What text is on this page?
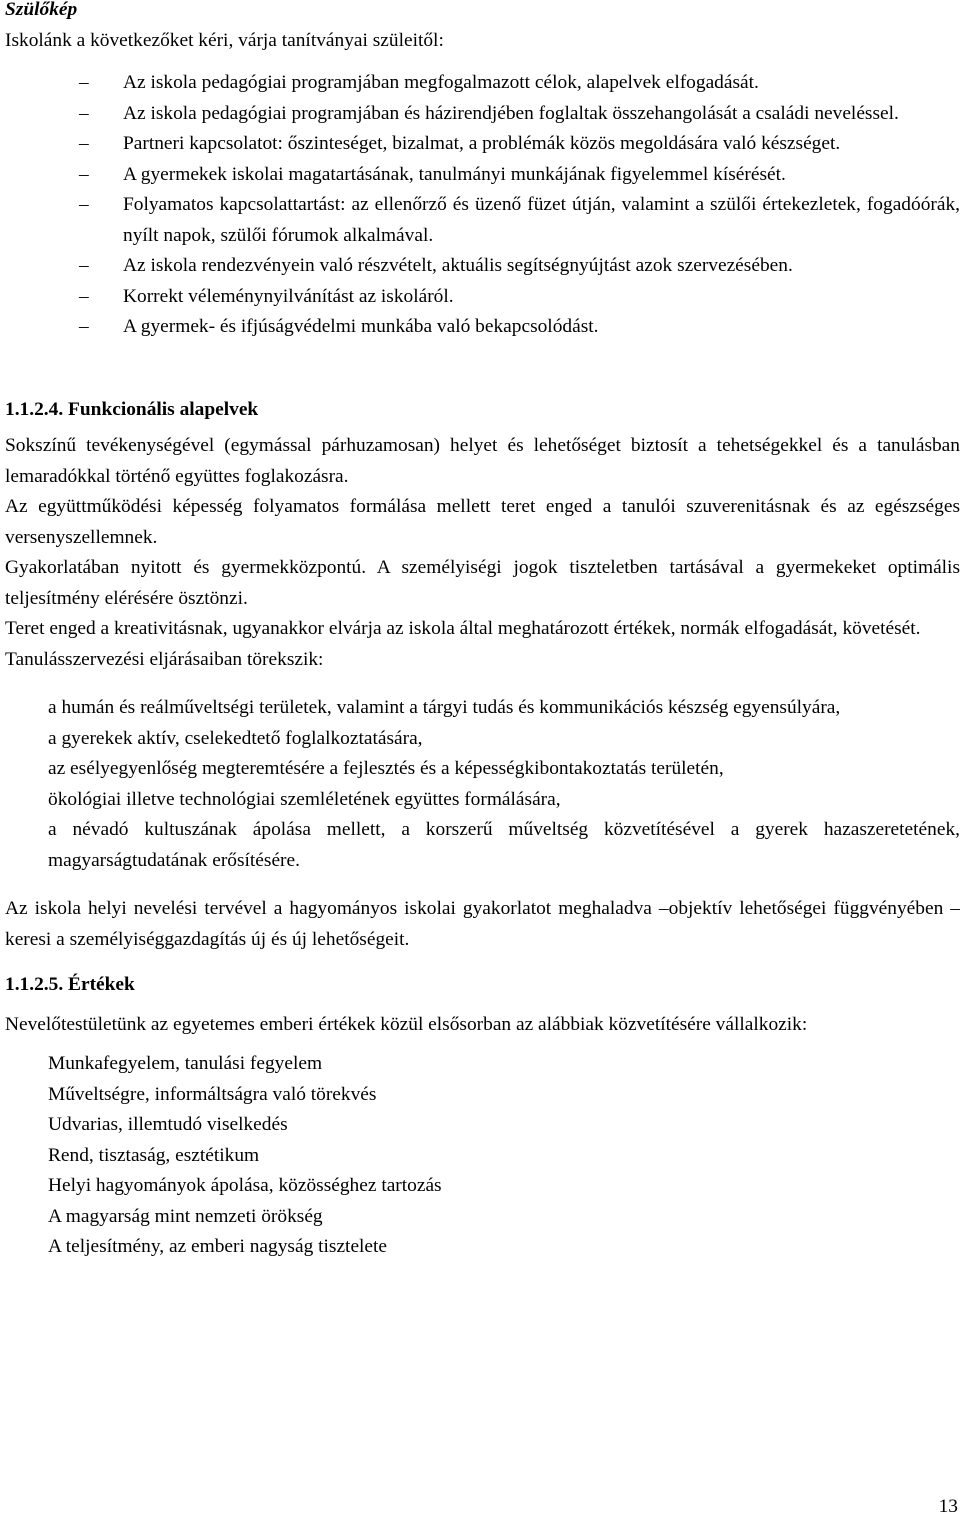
Szülőkép

Iskolánk a következőket kéri, várja tanítványai szüleitől:

–	Az iskola pedagógiai programjában megfogalmazott célok, alapelvek elfogadását.
–	Az iskola pedagógiai programjában és házirendjében foglaltak összehangolását a családi neveléssel.
–	Partneri kapcsolatot: őszinteséget, bizalmat, a problémák közös megoldására való készséget.
–	A gyermekek iskolai magatartásának, tanulmányi munkájának figyelemmel kísérését.
–	Folyamatos kapcsolattartást: az ellenőrző és üzenő füzet útján, valamint a szülői értekezletek, fogadóórák, nyílt napok, szülői fórumok alkalmával.
–	Az iskola rendezvényein való részvételt, aktuális segítségnyújtást azok szervezésében.
–	Korrekt véleménynyilvánítást az iskoláról.
–	A gyermek- és ifjúságvédelmi munkába való bekapcsolódást.

1.1.2.4. Funkcionális alapelvek

Sokszínű tevékenységével (egymással párhuzamosan) helyet és lehetőséget biztosít a tehetségekkel és a tanulásban lemaradókkal történő együttes foglakozásra.

Az együttműködési képesség folyamatos formálása mellett teret enged a tanulói szuverenitásnak és az egészséges versenyszellemnek.

Gyakorlatában nyitott és gyermekközpontú. A személyiségi jogok tiszteletben tartásával a gyermekeket optimális teljesítmény elérésére ösztönzi.

Teret enged a kreativitásnak, ugyanakkor elvárja az iskola által meghatározott értékek, normák elfogadását, követését.

Tanulásszervezési eljárásaiban törekszik:

a humán és reálműveltségi területek, valamint a tárgyi tudás és kommunikációs készség egyensúlyára,
a gyerekek aktív, cselekedtető foglalkoztatására,
az esélyegyenlőség megteremtésére a fejlesztés és a képességkibontakoztatás területén,
ökológiai illetve technológiai szemléletének együttes formálására,
a névadó kultuszának ápolása mellett, a korszerű műveltség közvetítésével a gyerek hazaszeretetének, magyarságtudatának erősítésére.

Az iskola helyi nevelési tervével a hagyományos iskolai gyakorlatot meghaladva –objektív lehetőségei függvényében – keresi a személyiséggazdagítás új és új lehetőségeit.

1.1.2.5. Értékek

Nevelőtestületünk az egyetemes emberi értékek közül elsősorban az alábbiak közvetítésére vállalkozik:

Munkafegyelem, tanulási fegyelem
Műveltségre, informáltságra való törekvés
Udvarias, illemtudó viselkedés
Rend, tisztaság, esztétikum
Helyi hagyományok ápolása, közösséghez tartozás
A magyarság mint nemzeti örökség
A teljesítmény, az emberi nagyság tisztelete
13
